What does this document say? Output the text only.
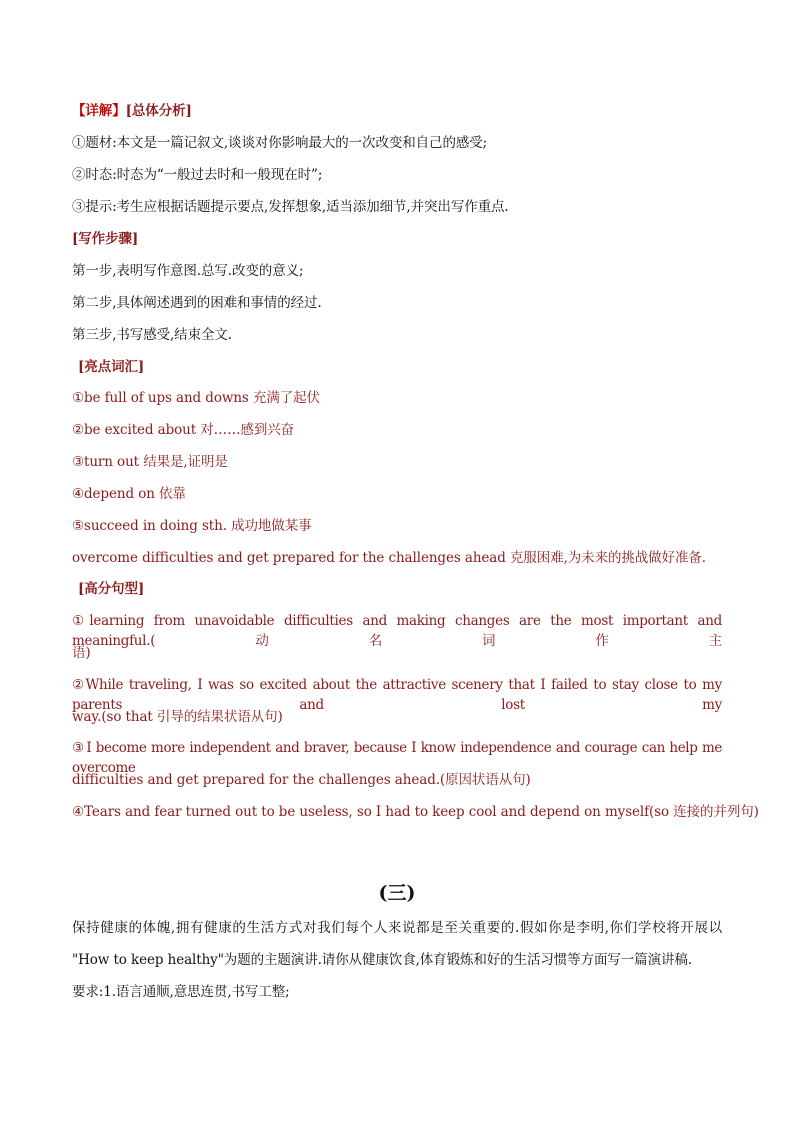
【详解】[总体分析]
①题材:本文是一篇记叙文,谈谈对你影响最大的一次改变和自己的感受;
②时态:时态为“一般过去时和一般现在时”;
③提示:考生应根据话题提示要点,发挥想象,适当添加细节,并突出写作重点.
[写作步骤]
第一步,表明写作意图.总写.改变的意义;
第二步,具体阐述遇到的困难和事情的经过.
第三步,书写感受,结束全文.
[亮点词汇]
①be full of ups and downs 充满了起伏
②be excited about 对……感到兴奋
③turn out 结果是,证明是
④depend on 依靠
⑤succeed in doing sth. 成功地做某事
overcome difficulties and get prepared for the challenges ahead 克服困难,为未来的挑战做好准备.
[高分句型]
①learning from unavoidable difficulties and making changes are the most important and meaningful.(动名词作主
语)
②While traveling, I was so excited about the attractive scenery that I failed to stay close to my parents and lost my
way.(so that 引导的结果状语从句)
③I become more independent and braver, because I know independence and courage can help me overcome
difficulties and get prepared for the challenges ahead.(原因状语从句)
④Tears and fear turned out to be useless, so I had to keep cool and depend on myself(so 连接的并列句)
(三)
保持健康的体魄,拥有健康的生活方式对我们每个人来说都是至关重要的.假如你是李明,你们学校将开展以
"How to keep healthy"为题的主题演讲.请你从健康饮食,体育锻炼和好的生活习惯等方面写一篇演讲稿.
要求:1.语言通顺,意思连贯,书写工整;
